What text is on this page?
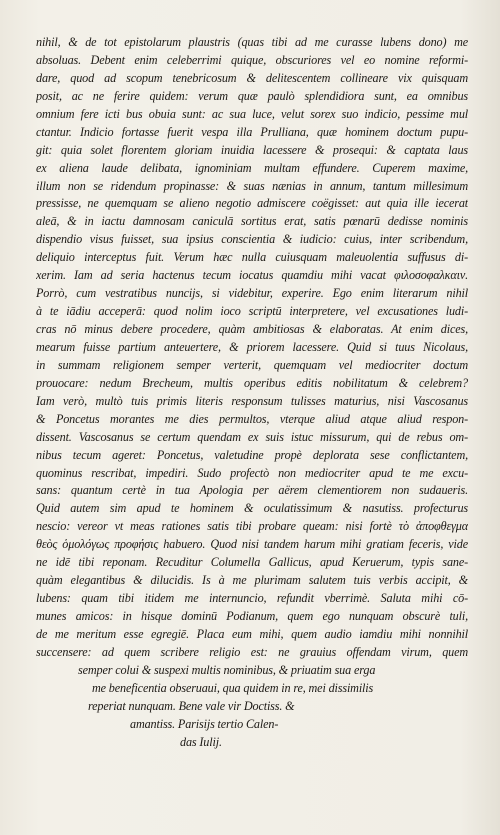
nihil, & de tot epistolarum plaustris (quas tibi ad me curasse lubens dono) me
absoluas. Debent enim celeberrimi quique, obscuriores vel eo nomine reformi-
dare, quod ad scopum tenebricosum & delitescentem collineare vix quisquam
posit, ac ne ferire quidem: verum quæ paulò splendidiora sunt, ea omnibus
omnium fere icti bus obuia sunt: ac sua luce, velut sorex suo indicio, pessime mul
ctantur. Indicio fortasse fuerit vespa illa Prulliana, quæ hominem doctum pupu-
git: quia solet florentem gloriam inuidia lacessere & prosequi: & captata laus
ex aliena laude delibata, ignominiam multam effundere. Cuperem maxime,
illum non se ridendum propinasse: & suas nænias in annum, tantum millesimum
pressisse, ne quemquam se alieno negotio admiscere coëgisset: aut quia ille iecerat
aleā, & in iactu damnosam caniculā sortitus erat, satis pœnarū dedisse nominis
dispendio visus fuisset, sua ipsius conscientia & iudicio: cuius, inter scribendum,
deliquio interceptus fuit. Verum hæc nulla cuiusquam maleuolentia suffusus di-
xerim. Iam ad seria hactenus tecum iocatus quamdiu mihi vacat φιλοσοφαλκαιν.
Porrò, cum vestratibus nuncijs, si videbitur, experire. Ego enim literarum nihil
à te iādiu acceperā: quod nolim ioco scriptū interpretere, vel excusationes ludi-
cras nō minus debere procedere, quàm ambitiosas & elaboratas. At enim dices,
mearum fuisse partium anteuertere, & priorem lacessere. Quid si tuus Nicolaus,
in summam religionem semper verterit, quemquam vel mediocriter doctum
prouocare: nedum Brecheum, multis operibus editis nobilitatum & celebrem?
Iam verò, multò tuis primis literis responsum tulisses maturius, nisi Vascosanus
& Poncetus morantes me dies permultos, vterque aliud atque aliud respon-
dissent. Vascosanus se certum quendam ex suis istuc missurum, qui de rebus om-
nibus tecum ageret: Poncetus, valetudine propè deplorata sese conflictantem,
quominus rescribat, impediri. Sudo profectò non mediocriter apud te me excu-
sans: quantum certè in tua Apologia per aërem clementiorem non sudaueris.
Quid autem sim apud te hominem & oculatissimum & nasutiss. profecturus
nescio: vereor vt meas rationes satis tibi probare queam: nisi fortè τὸ ἀποφθεγμα
θεὸς ὁμολόγως προφήσις habuero. Quod nisi tandem harum mihi gratiam feceris, vide
ne idē tibi reponam. Recuditur Columella Gallicus, apud Keruerum, typis sane-
quàm elegantibus & dilucidis. Is à me plurimam salutem tuis verbis accipit, &
lubens: quam tibi itidem me internuncio, refundit vberrimè. Saluta mihi cō-
munes amicos: in hisque dominū Podianum, quem ego nunquam obscurè tuli,
de me meritum esse egregiē. Placa eum mihi, quem audio iamdiu mihi nonnihil
succensere: ad quem scribere religio est: ne grauius offendam virum, quem
semper colui & suspexi multis nominibus, & priuatim sua erga
me beneficentia obseruaui, qua quidem in re, mei dissimilis
reperiat nunquam. Bene vale vir Doctiss. &
amantiss. Parisijs tertio Calen-
das Iulij.
